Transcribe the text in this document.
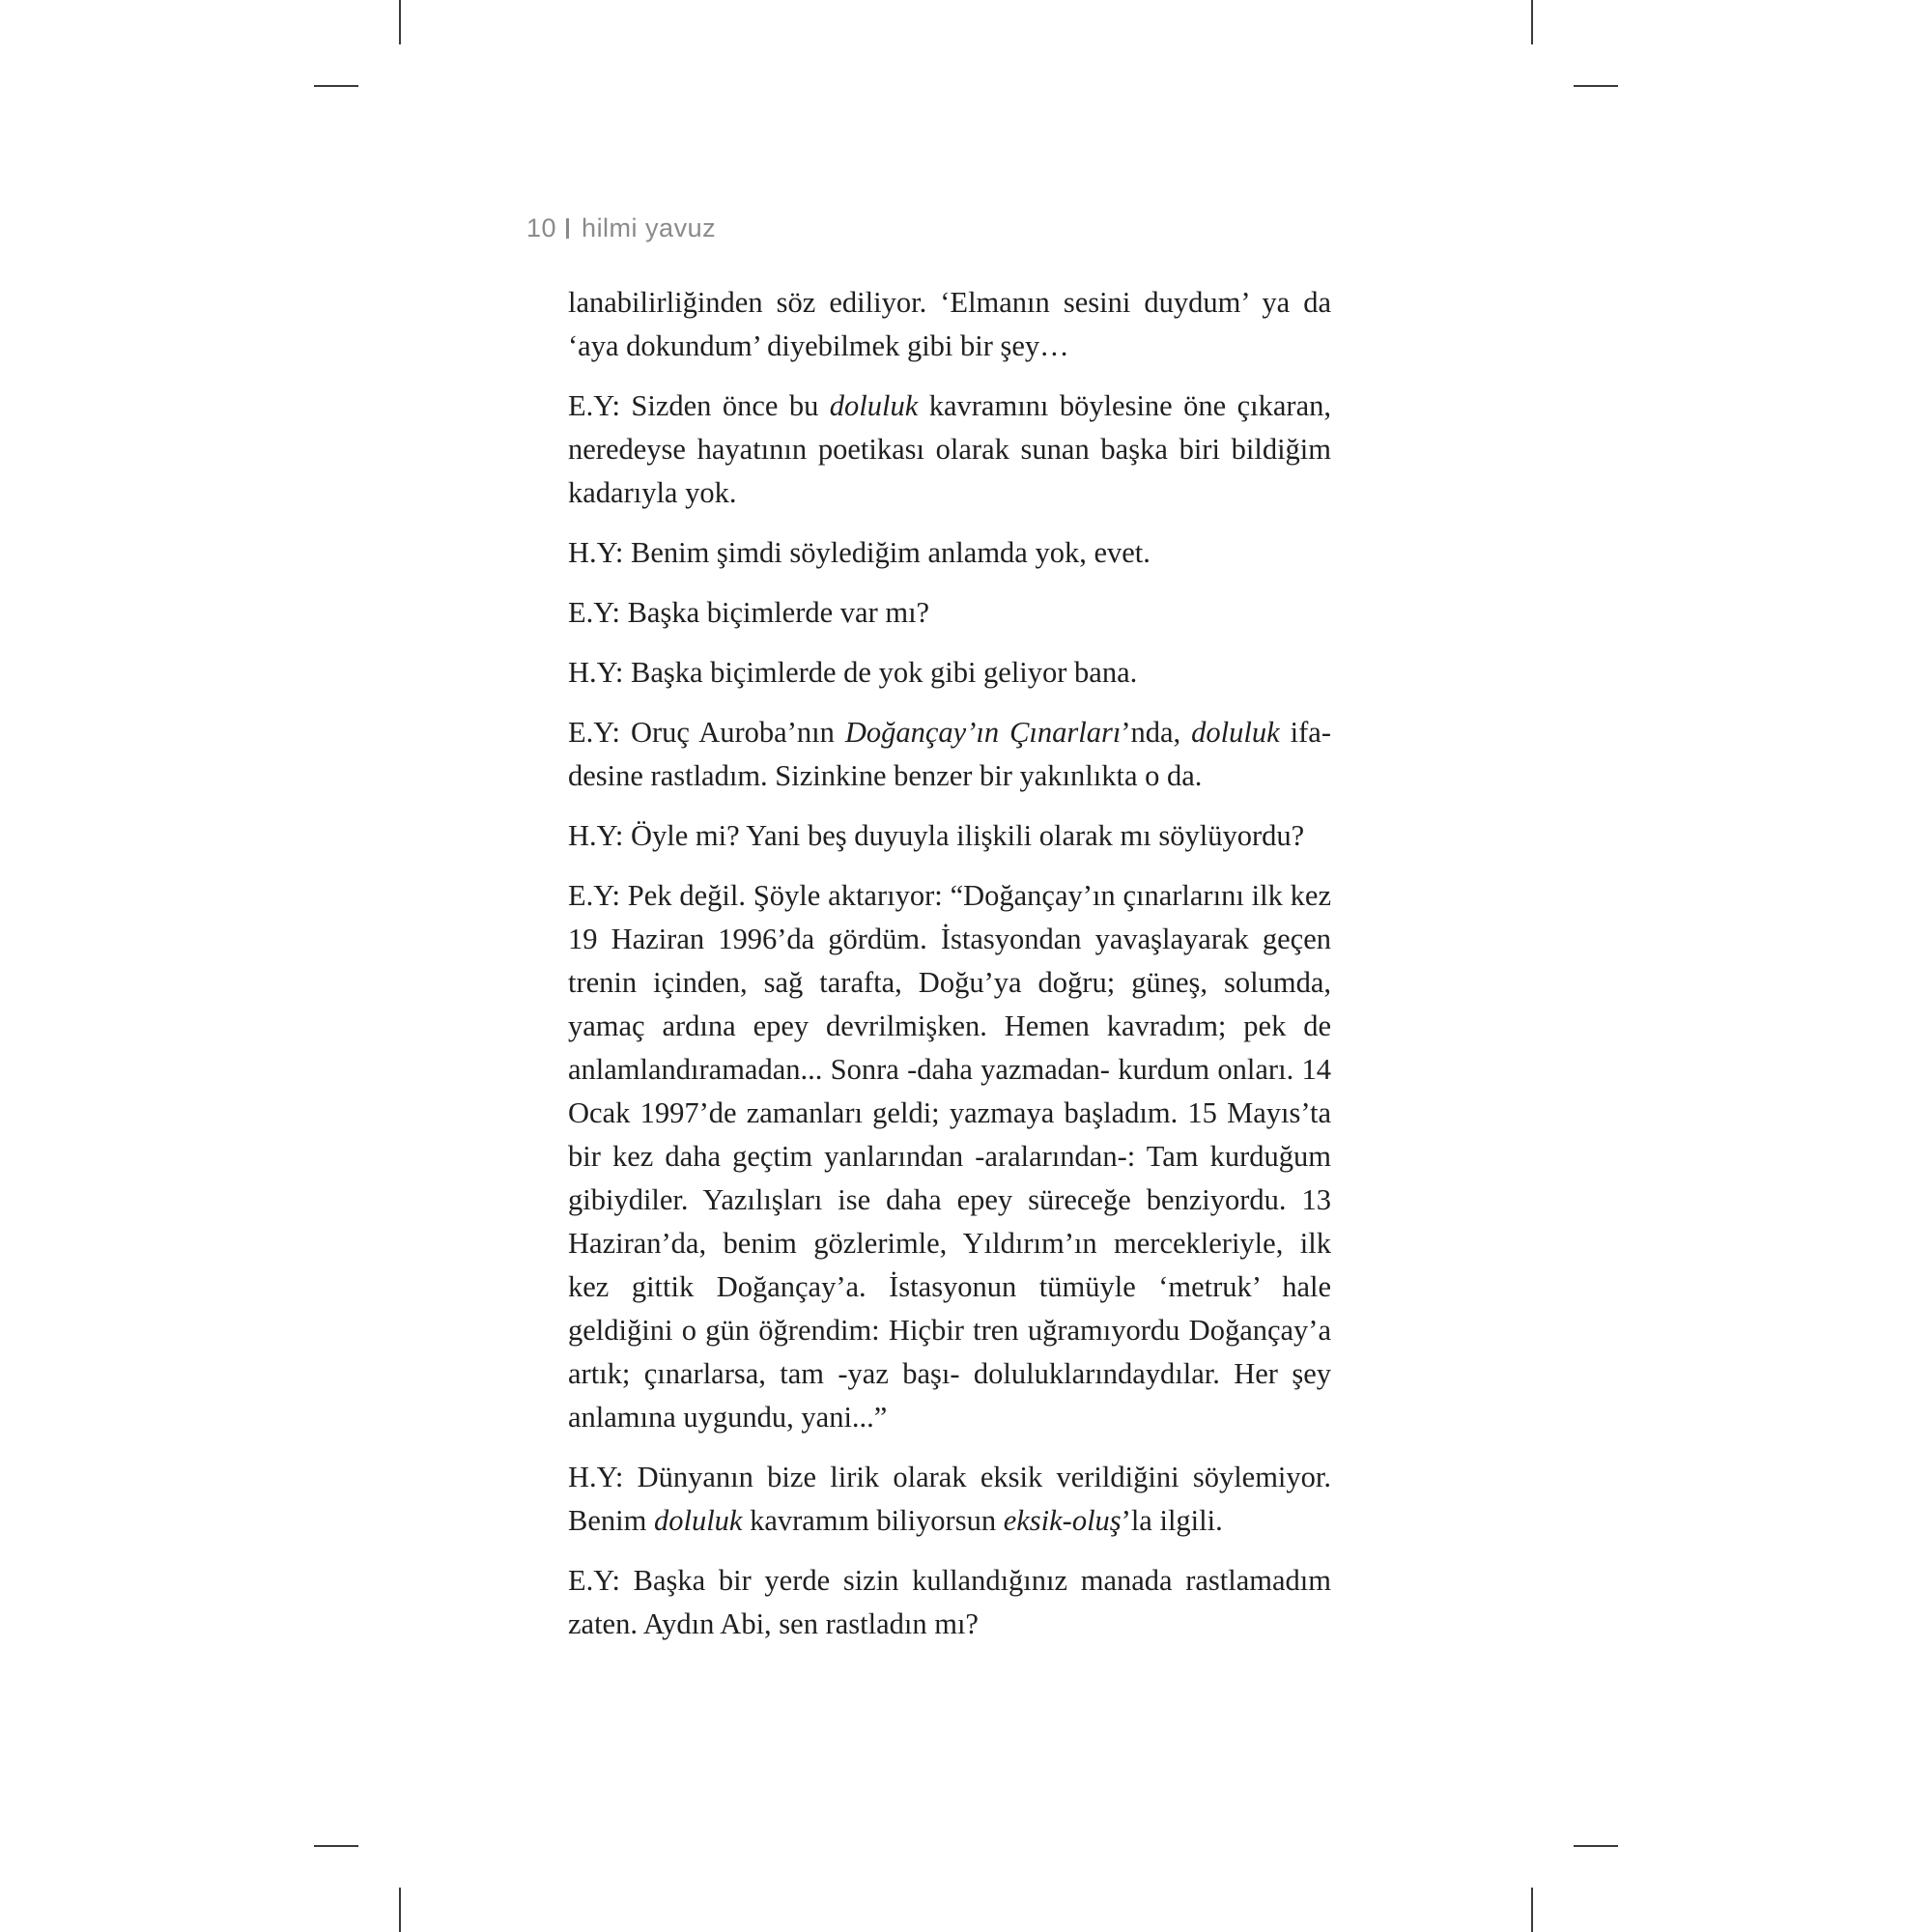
10 hilmi yavuz

lanabilirliğinden söz ediliyor. ‘Elmanın sesini duydum’ ya da ‘aya dokundum’ diyebilmek gibi bir şey…

E.Y: Sizden önce bu doluluk kavramını böylesine öne çıkaran, neredeyse hayatının poetikası olarak sunan başka biri bildiğim kadarıyla yok.

H.Y: Benim şimdi söylediğim anlamda yok, evet.

E.Y: Başka biçimlerde var mı?

H.Y: Başka biçimlerde de yok gibi geliyor bana.

E.Y: Oruç Auroba’nın Doğançay’ın Çınarları’nda, doluluk ifadesine rastladım. Sizinkine benzer bir yakınlıkta o da.

H.Y: Öyle mi? Yani beş duyuyla ilişkili olarak mı söylüyordu?

E.Y: Pek değil. Şöyle aktarıyor: “Doğançay’ın çınarlarını ilk kez 19 Haziran 1996’da gördüm. İstasyondan yavaşlayarak geçen trenin içinden, sağ tarafta, Doğu’ya doğru; güneş, solumda, yamaç ardına epey devrilmişken. Hemen kavradım; pek de anlamlandıramadan... Sonra -daha yazmadan- kurdum onları. 14 Ocak 1997’de zamanları geldi; yazmaya başladım. 15 Mayıs’ta bir kez daha geçtim yanlarından -aralarından-: Tam kurduğum gibiydiler. Yazılışları ise daha epey süreceğe benziyordu. 13 Haziran’da, benim gözlerimle, Yıldırım’ın mercekleriyle, ilk kez gittik Doğançay’a. İstasyonun tümüyle ‘metruk’ hale geldiğini o gün öğrendim: Hiçbir tren uğramıyordu Doğançay’a artık; çınarlarsa, tam -yaz başı- doluluklarındaydılar. Her şey anlamına uygundu, yani...”

H.Y: Dünyanın bize lirik olarak eksik verildiğini söylemiyor. Benim doluluk kavramım biliyorsun eksik-oluş’la ilgili.

E.Y: Başka bir yerde sizin kullandığınız manada rastlamadım zaten. Aydın Abi, sen rastladın mı?
